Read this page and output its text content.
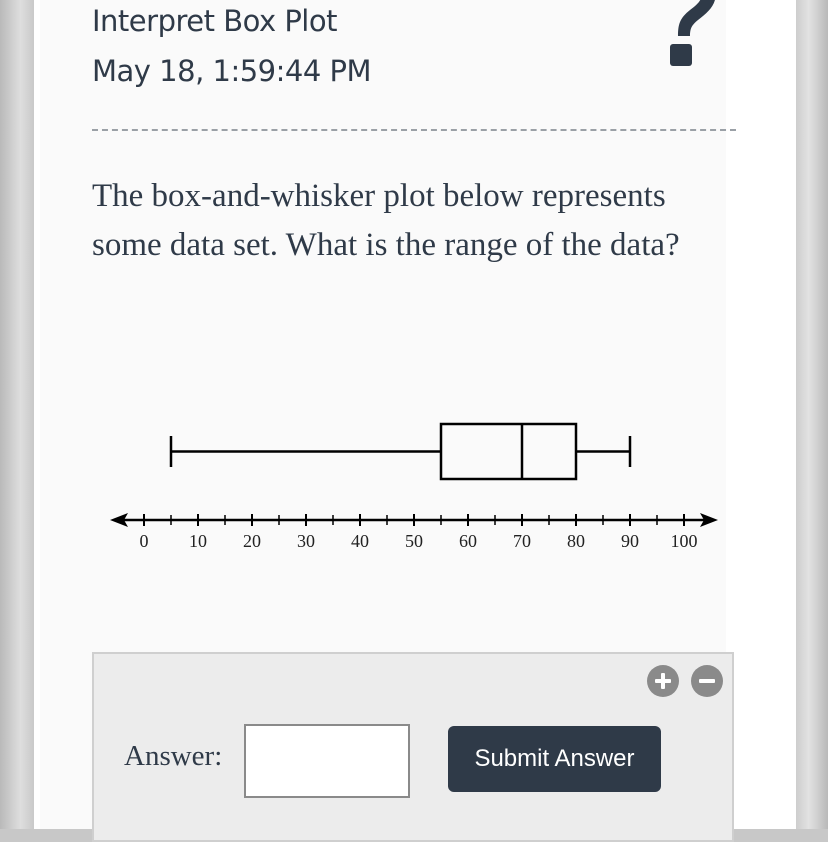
Interpret Box Plot
May 18, 1:59:44 PM
The box-and-whisker plot below represents some data set. What is the range of the data?
0 10 20 30 40 50 60 70 80 90 100
Answer:	Submit Answer
